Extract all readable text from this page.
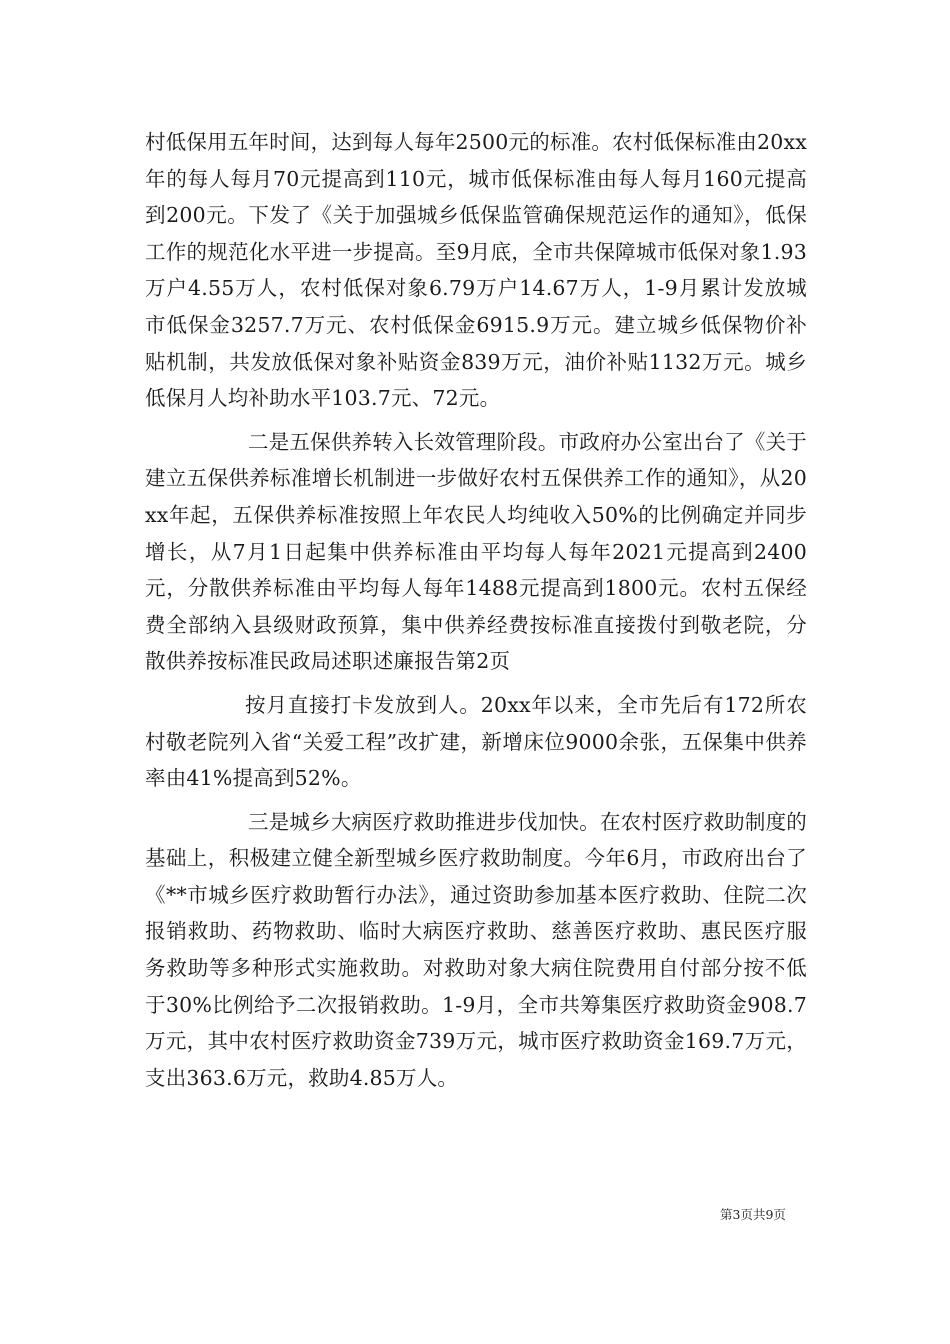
村低保用五年时间，达到每人每年2500元的标准。农村低保标准由20xx年的每人每月70元提高到110元，城市低保标准由每人每月160元提高到200元。下发了《关于加强城乡低保监管确保规范运作的通知》，低保工作的规范化水平进一步提高。至9月底，全市共保障城市低保对象1.93万户4.55万人，农村低保对象6.79万户14.67万人，1-9月累计发放城市低保金3257.7万元、农村低保金6915.9万元。建立城乡低保物价补贴机制，共发放低保对象补贴资金839万元，油价补贴1132万元。城乡低保月人均补助水平103.7元、72元。

二是五保供养转入长效管理阶段。市政府办公室出台了《关于建立五保供养标准增长机制进一步做好农村五保供养工作的通知》，从20xx年起，五保供养标准按照上年农民人均纯收入50%的比例确定并同步增长，从7月1日起集中供养标准由平均每人每年2021元提高到2400元，分散供养标准由平均每人每年1488元提高到1800元。农村五保经费全部纳入县级财政预算，集中供养经费按标准直接拨付到敬老院，分散供养按标准民政局述职述廉报告第2页

按月直接打卡发放到人。20xx年以来，全市先后有172所农村敬老院列入省“关爱工程”改扩建，新增床位9000余张，五保集中供养率由41%提高到52%。

三是城乡大病医疗救助推进步伐加快。在农村医疗救助制度的基础上，积极建立健全新型城乡医疗救助制度。今年6月，市政府出台了《**市城乡医疗救助暂行办法》，通过资助参加基本医疗救助、住院二次报销救助、药物救助、临时大病医疗救助、慈善医疗救助、惠民医疗服务救助等多种形式实施救助。对救助对象大病住院费用自付部分按不低于30%比例给予二次报销救助。1-9月，全市共筹集医疗救助资金908.7万元，其中农村医疗救助资金739万元，城市医疗救助资金169.7万元，支出363.6万元，救助4.85万人。

第3页共9页
